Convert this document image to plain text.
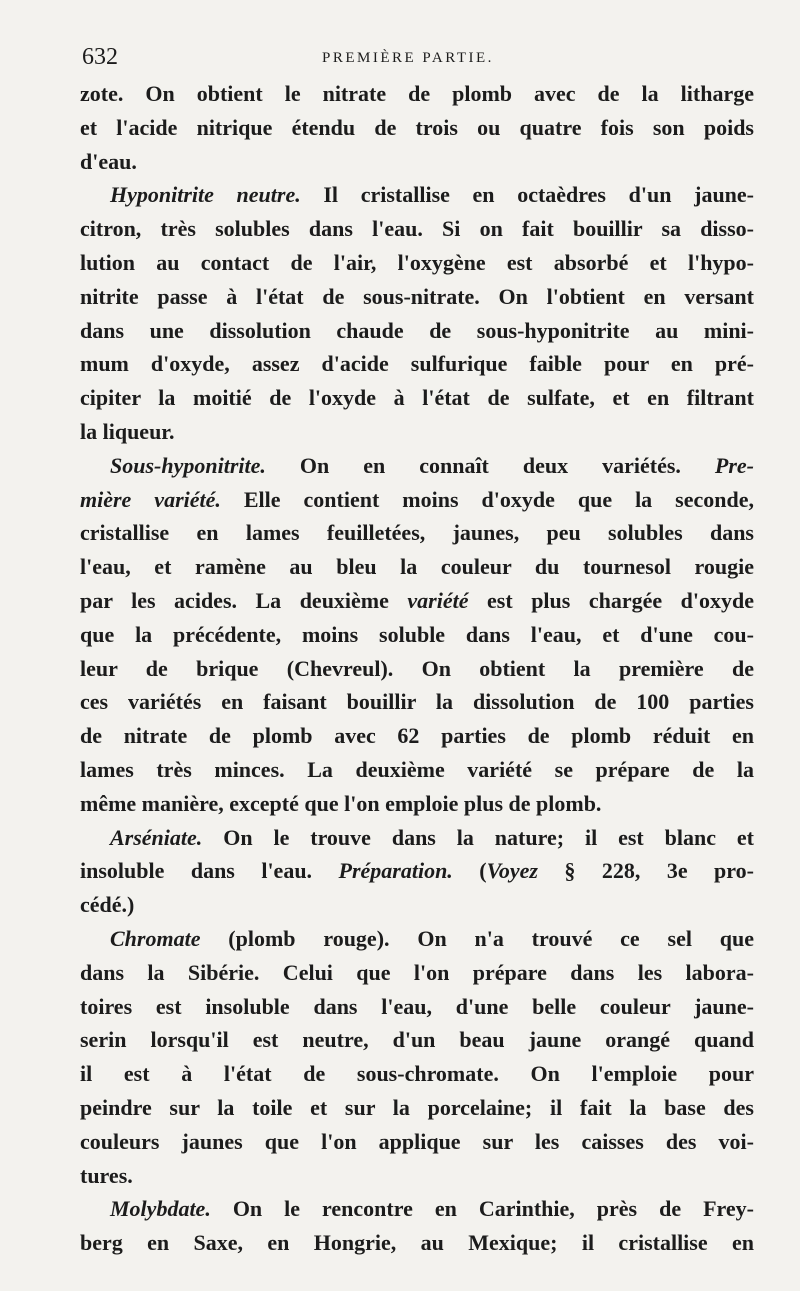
632	PREMIÈRE PARTIE.
zote. On obtient le nitrate de plomb avec de la litharge
et l'acide nitrique étendu de trois ou quatre fois son poids
d'eau.
Hyponitrite neutre. Il cristallise en octaèdres d'un jaune-
citron, très solubles dans l'eau. Si on fait bouillir sa disso-
lution au contact de l'air, l'oxygène est absorbé et l'hypo-
nitrite passe à l'état de sous-nitrate. On l'obtient en versant
dans une dissolution chaude de sous-hyponitrite au mini-
mum d'oxyde, assez d'acide sulfurique faible pour en pré-
cipiter la moitié de l'oxyde à l'état de sulfate, et en filtrant
la liqueur.
Sous-hyponitrite. On en connaît deux variétés. Pre-
mière variété. Elle contient moins d'oxyde que la seconde,
cristallise en lames feuilletées, jaunes, peu solubles dans
l'eau, et ramène au bleu la couleur du tournesol rougie
par les acides. La deuxième variété est plus chargée d'oxyde
que la précédente, moins soluble dans l'eau, et d'une cou-
leur de brique (Chevreul). On obtient la première de
ces variétés en faisant bouillir la dissolution de 100 parties
de nitrate de plomb avec 62 parties de plomb réduit en
lames très minces. La deuxième variété se prépare de la
même manière, excepté que l'on emploie plus de plomb.
Arséniate. On le trouve dans la nature; il est blanc et
insoluble dans l'eau. Préparation. (Voyez § 228, 3e pro-
cédé.)
Chromate (plomb rouge). On n'a trouvé ce sel que
dans la Sibérie. Celui que l'on prépare dans les labora-
toires est insoluble dans l'eau, d'une belle couleur jaune-
serin lorsqu'il est neutre, d'un beau jaune orangé quand
il est à l'état de sous-chromate. On l'emploie pour
peindre sur la toile et sur la porcelaine; il fait la base des
couleurs jaunes que l'on applique sur les caisses des voi-
tures.
Molybdate. On le rencontre en Carinthie, près de Frey-
berg en Saxe, en Hongrie, au Mexique; il cristallise en
